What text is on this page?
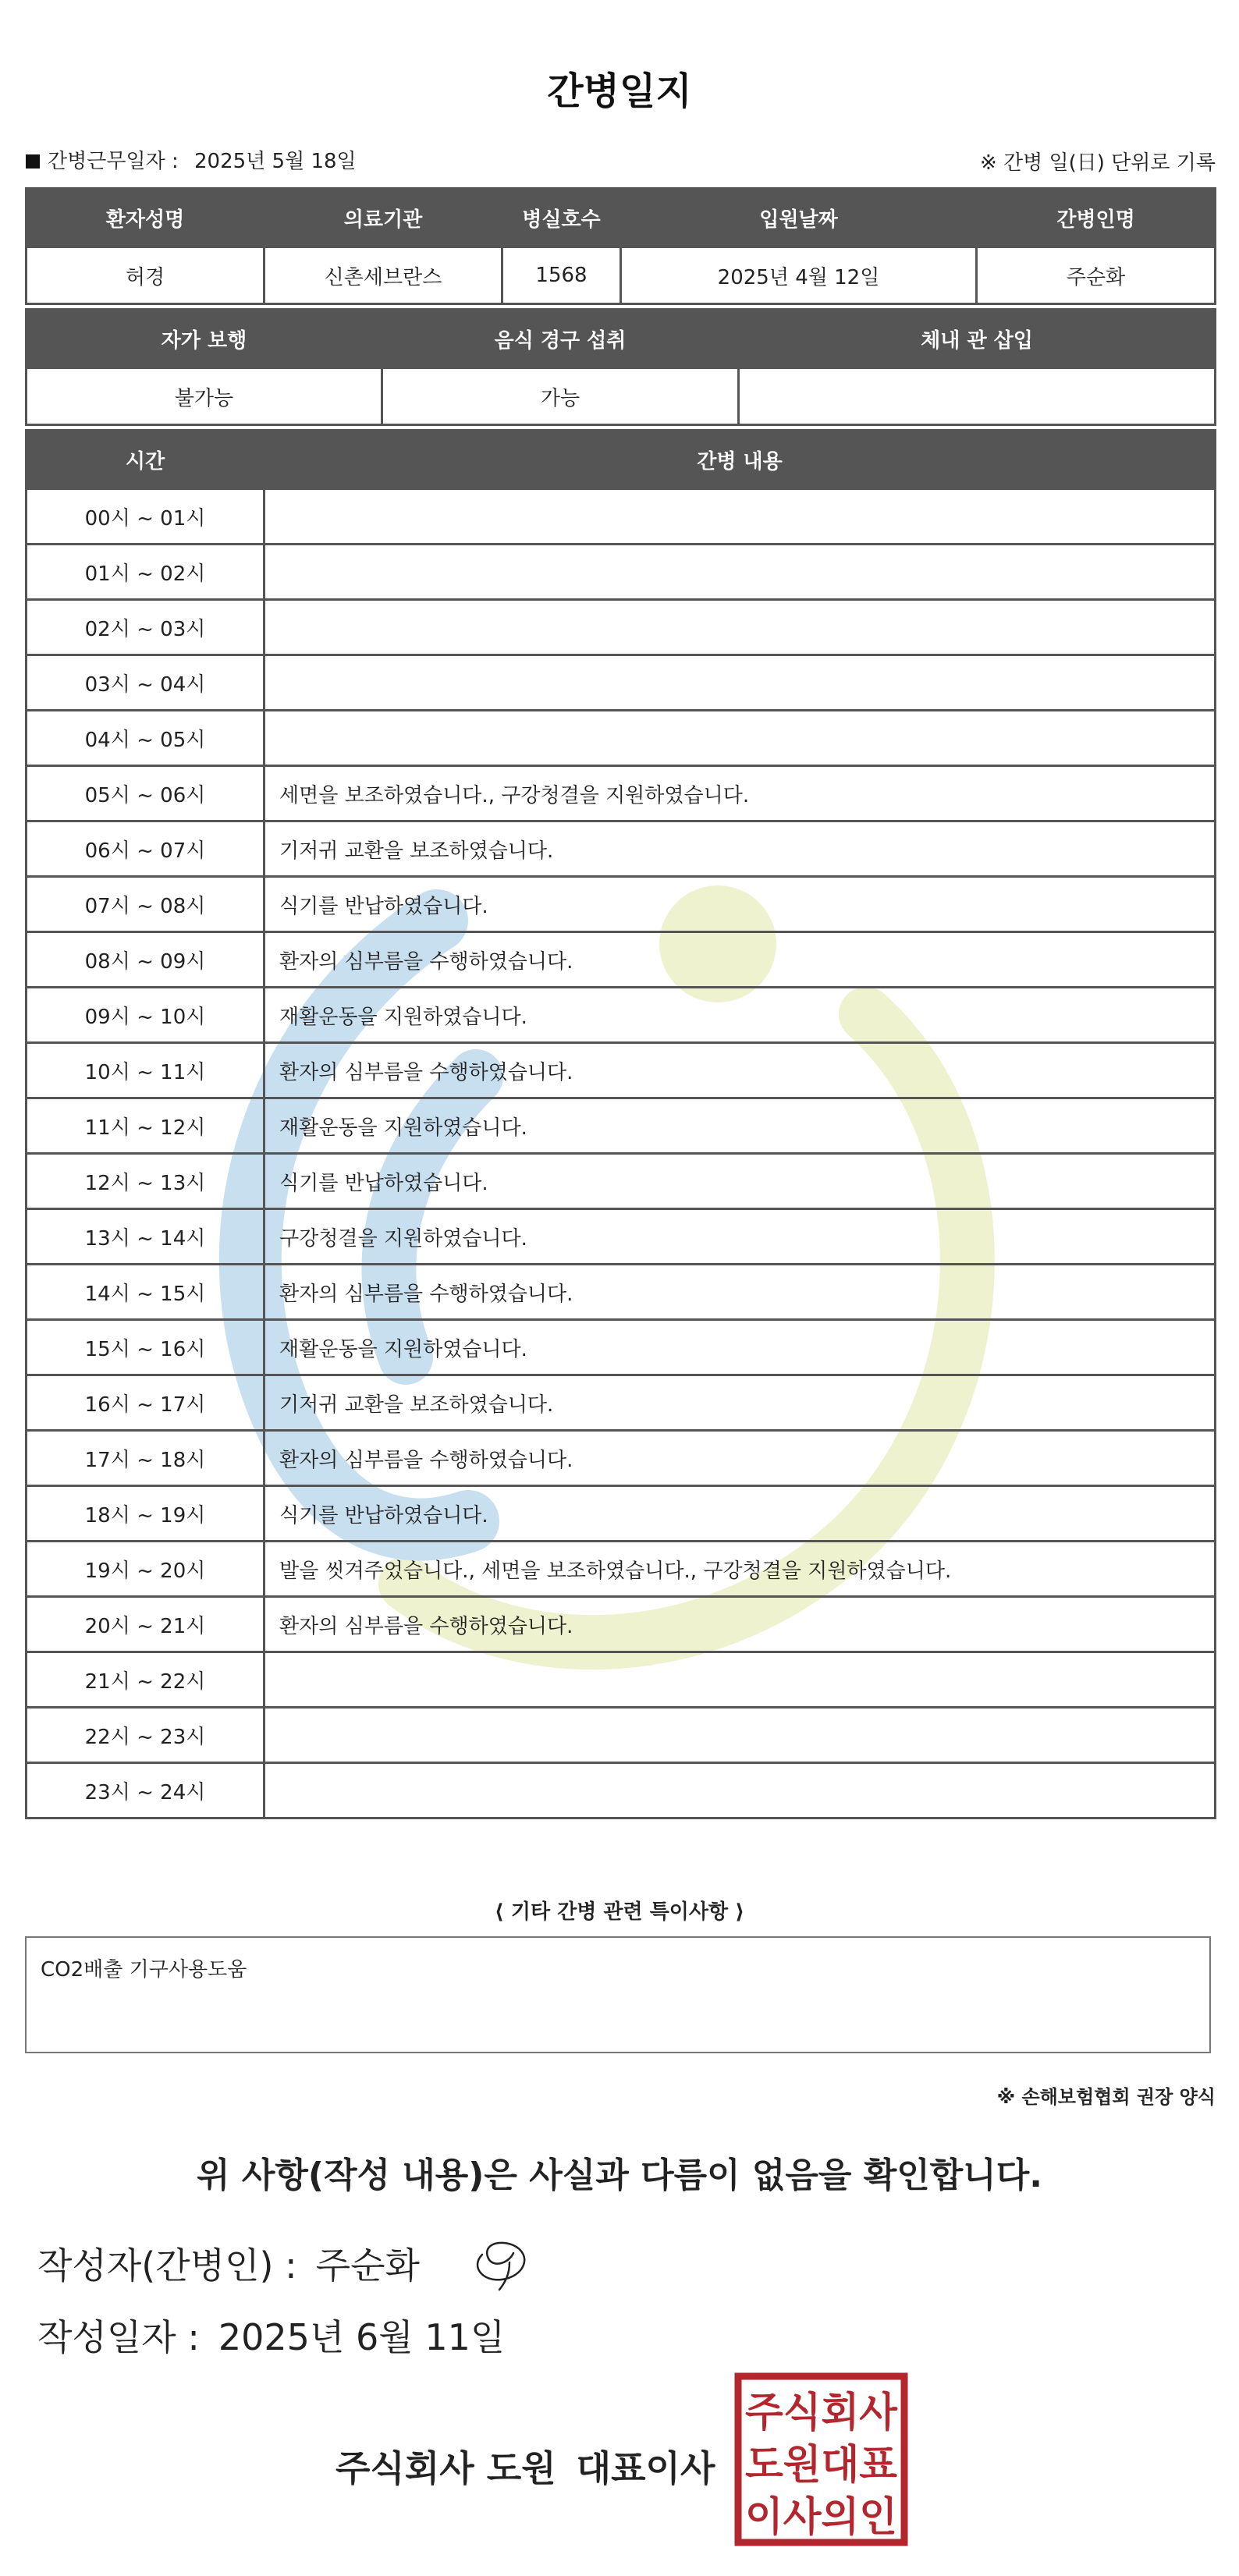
간병일지
간병근무일자 : 2025년 5월 18일	※ 간병 일(日) 단위로 기록
환자성명	의료기관	병실호수	입원날짜	간병인명
허경	신촌세브란스	1568	2025년 4월 12일	주순화
자가 보행	음식 경구 섭취	체내 관 삽입
불가능	가능	
시간	간병 내용
00시 ~ 01시	
01시 ~ 02시	
02시 ~ 03시	
03시 ~ 04시	
04시 ~ 05시	
05시 ~ 06시	세면을 보조하였습니다., 구강청결을 지원하였습니다.
06시 ~ 07시	기저귀 교환을 보조하였습니다.
07시 ~ 08시	식기를 반납하였습니다.
08시 ~ 09시	환자의 심부름을 수행하였습니다.
09시 ~ 10시	재활운동을 지원하였습니다.
10시 ~ 11시	환자의 심부름을 수행하였습니다.
11시 ~ 12시	재활운동을 지원하였습니다.
12시 ~ 13시	식기를 반납하였습니다.
13시 ~ 14시	구강청결을 지원하였습니다.
14시 ~ 15시	환자의 심부름을 수행하였습니다.
15시 ~ 16시	재활운동을 지원하였습니다.
16시 ~ 17시	기저귀 교환을 보조하였습니다.
17시 ~ 18시	환자의 심부름을 수행하였습니다.
18시 ~ 19시	식기를 반납하였습니다.
19시 ~ 20시	발을 씻겨주었습니다., 세면을 보조하였습니다., 구강청결을 지원하였습니다.
20시 ~ 21시	환자의 심부름을 수행하였습니다.
21시 ~ 22시	
22시 ~ 23시	
23시 ~ 24시	
⟨ 기타 간병 관련 특이사항 ⟩
CO2배출 기구사용도움
※ 손해보험협회 권장 양식
위 사항(작성 내용)은 사실과 다름이 없음을 확인합니다.
작성자(간병인) : 주순화
작성일자 : 2025년 6월 11일
주식회사 도원 대표이사
주식회사
도원대표
이사의인
